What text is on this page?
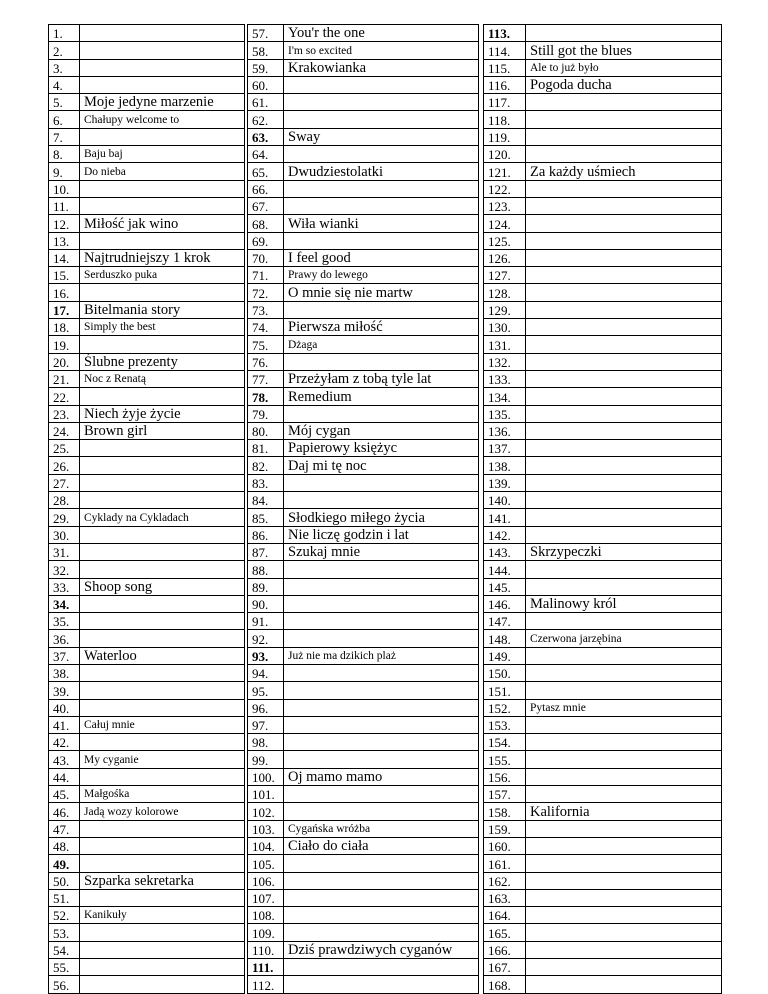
1.	
2.	
3.	
4.	
5.	Moje jedyne marzenie
6.	Chałupy welcome to
7.	
8.	Baju baj
9.	Do nieba
10.	
11.	
12.	Miłość jak wino
13.	
14.	Najtrudniejszy 1 krok
15.	Serduszko puka
16.	
17.	Bitelmania story
18.	Simply the best
19.	
20.	Ślubne prezenty
21.	Noc z Renatą
22.	
23.	Niech żyje życie
24.	Brown girl
25.	
26.	
27.	
28.	
29.	Cyklady na Cykladach
30.	
31.	
32.	
33.	Shoop song
34.	
35.	
36.	
37.	Waterloo
38.	
39.	
40.	
41.	Całuj mnie
42.	
43.	My cyganie
44.	
45.	Małgośka
46.	Jadą wozy kolorowe
47.	
48.	
49.	
50.	Szparka sekretarka
51.	
52.	Kanikuły
53.	
54.	
55.	
56.	
57.	You'r the one
58.	I'm so excited
59.	Krakowianka
60.	
61.	
62.	
63.	Sway
64.	
65.	Dwudziestolatki
66.	
67.	
68.	Wiła wianki
69.	
70.	I feel good
71.	Prawy do lewego
72.	O mnie się nie martw
73.	
74.	Pierwsza miłość
75.	Dżaga
76.	
77.	Przeżyłam z tobą tyle lat
78.	Remedium
79.	
80.	Mój cygan
81.	Papierowy księżyc
82.	Daj mi tę noc
83.	
84.	
85.	Słodkiego miłego życia
86.	Nie liczę godzin i lat
87.	Szukaj mnie
88.	
89.	
90.	
91.	
92.	
93.	Już nie ma dzikich plaż
94.	
95.	
96.	
97.	
98.	
99.	
100.	Oj mamo mamo
101.	
102.	
103.	Cygańska wróżba
104.	Ciało do ciała
105.	
106.	
107.	
108.	
109.	
110.	Dziś prawdziwych cyganów
111.	
112.	
113.	
114.	Still got the blues
115.	Ale to już było
116.	Pogoda ducha
117.	
118.	
119.	
120.	
121.	Za każdy uśmiech
122.	
123.	
124.	
125.	
126.	
127.	
128.	
129.	
130.	
131.	
132.	
133.	
134.	
135.	
136.	
137.	
138.	
139.	
140.	
141.	
142.	
143.	Skrzypeczki
144.	
145.	
146.	Malinowy król
147.	
148.	Czerwona jarzębina
149.	
150.	
151.	
152.	Pytasz mnie
153.	
154.	
155.	
156.	
157.	
158.	Kalifornia
159.	
160.	
161.	
162.	
163.	
164.	
165.	
166.	
167.	
168.	
